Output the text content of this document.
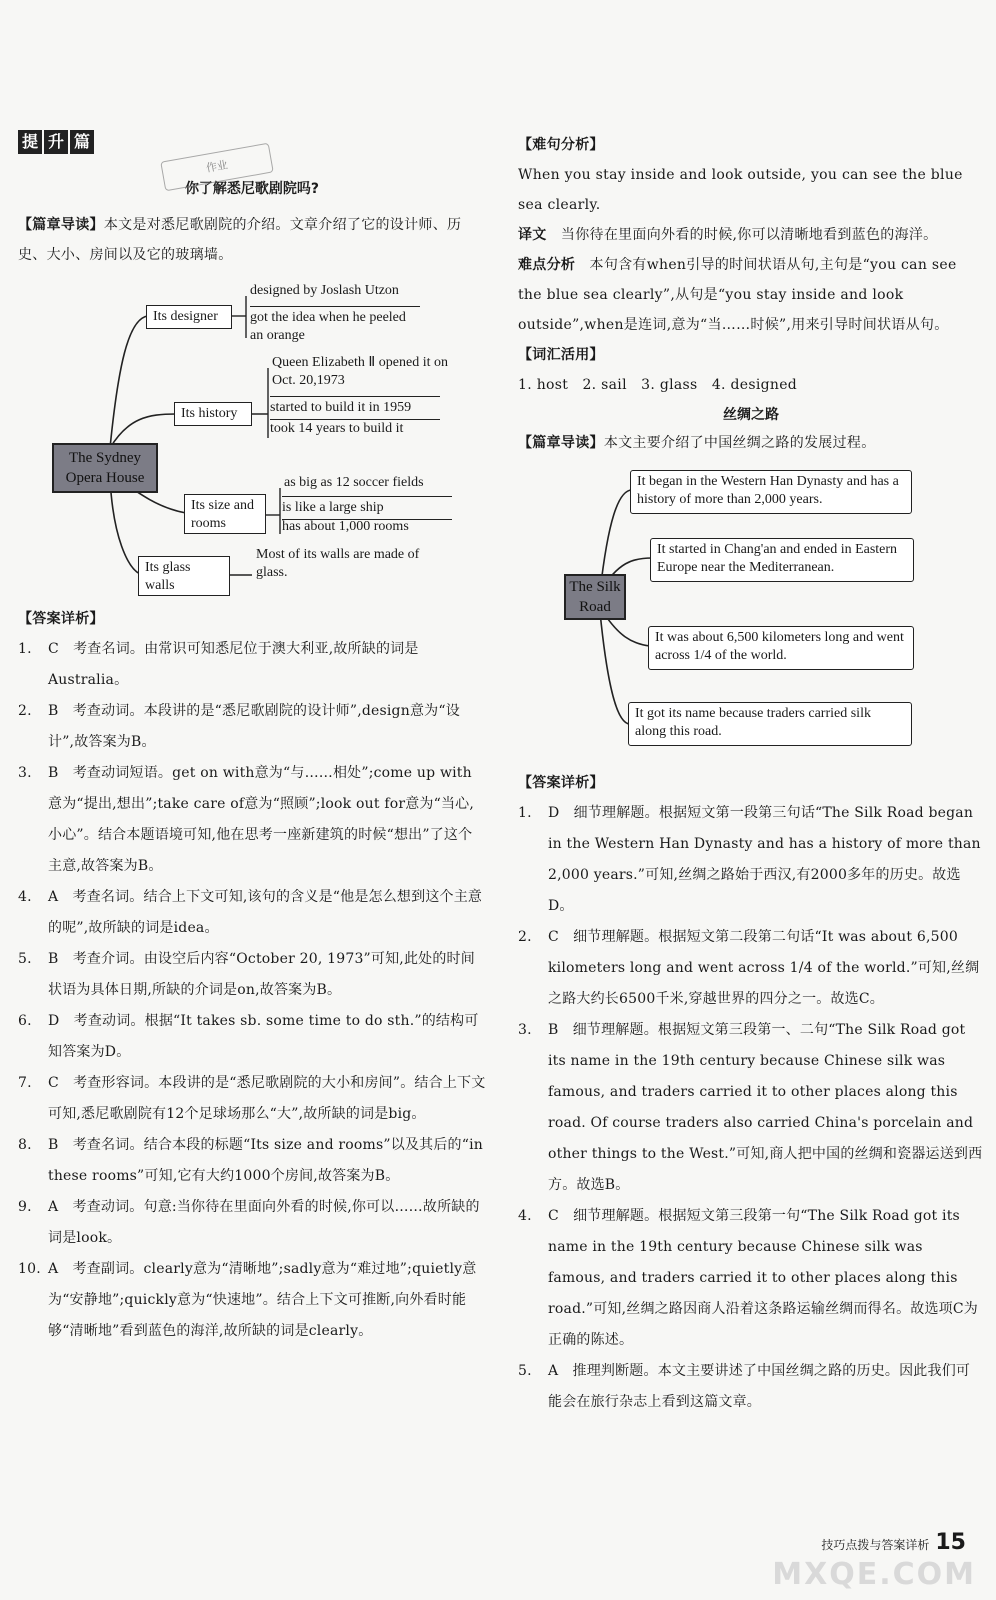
提 升 篇
你了解悉尼歌剧院吗?

【篇章导读】本文是对悉尼歌剧院的介绍。文章介绍了它的设计师、历史、大小、房间以及它的玻璃墙。

The Sydney Opera House
Its designer
designed by Joslash Utzon
got the idea when he peeled an orange
Its history
Queen Elizabeth Ⅱ opened it on Oct. 20,1973
started to build it in 1959
took 14 years to build it
Its size and rooms
as big as 12 soccer fields
is like a large ship
has about 1,000 rooms
Its glass walls
Most of its walls are made of glass.
【答案详析】
1. C　考查名词。由常识可知悉尼位于澳大利亚,故所缺的词是Australia。
2. B　考查动词。本段讲的是“悉尼歌剧院的设计师”,design意为“设计”,故答案为B。
3. B　考查动词短语。get on with意为“与……相处”;come up with意为“提出,想出”;take care of意为“照顾”;look out for意为“当心,小心”。结合本题语境可知,他在思考一座新建筑的时候“想出”了这个主意,故答案为B。
4. A　考查名词。结合上下文可知,该句的含义是“他是怎么想到这个主意的呢”,故所缺的词是idea。
5. B　考查介词。由设空后内容“October 20, 1973”可知,此处的时间状语为具体日期,所缺的介词是on,故答案为B。
6. D　考查动词。根据“It takes sb. some time to do sth.”的结构可知答案为D。
7. C　考查形容词。本段讲的是“悉尼歌剧院的大小和房间”。结合上下文可知,悉尼歌剧院有12个足球场那么“大”,故所缺的词是big。
8. B　考查名词。结合本段的标题“Its size and rooms”以及其后的“in these rooms”可知,它有大约1000个房间,故答案为B。
9. A　考查动词。句意:当你待在里面向外看的时候,你可以……故所缺的词是look。
10. A　考查副词。clearly意为“清晰地”;sadly意为“难过地”;quietly意为“安静地”;quickly意为“快速地”。结合上下文可推断,向外看时能够“清晰地”看到蓝色的海洋,故所缺的词是clearly。
作业
【难句分析】

When you stay inside and look outside, you can see the blue sea clearly.

译文　 当你待在里面向外看的时候,你可以清晰地看到蓝色的海洋。

难点分析　 本句含有when引导的时间状语从句,主句是“you can see the blue sea clearly”,从句是“you stay inside and look outside”,when是连词,意为“当……时候”,用来引导时间状语从句。

【词汇活用】

1. host　2. sail　3. glass　4. designed

丝绸之路

【篇章导读】本文主要介绍了中国丝绸之路的发展过程。

The Silk Road
It began in the Western Han Dynasty and has a history of more than 2,000 years.
It started in Chang'an and ended in Eastern Europe near the Mediterranean.
It was about 6,500 kilometers long and went across 1/4 of the world.
It got its name because traders carried silk along this road.
【答案详析】
1. D　细节理解题。根据短文第一段第三句话“The Silk Road began in the Western Han Dynasty and has a history of more than 2,000 years.”可知,丝绸之路始于西汉,有2000多年的历史。故选D。
2. C　细节理解题。根据短文第二段第二句话“It was about 6,500 kilometers long and went across 1/4 of the world.”可知,丝绸之路大约长6500千米,穿越世界的四分之一。故选C。
3. B　细节理解题。根据短文第三段第一、二句“The Silk Road got its name in the 19th century because Chinese silk was famous, and traders carried it to other places along this road. Of course traders also carried China's porcelain and other things to the West.”可知,商人把中国的丝绸和瓷器运送到西方。故选B。
4. C　细节理解题。根据短文第三段第一句“The Silk Road got its name in the 19th century because Chinese silk was famous, and traders carried it to other places along this road.”可知,丝绸之路因商人沿着这条路运输丝绸而得名。故选项C为正确的陈述。
5. A　推理判断题。本文主要讲述了中国丝绸之路的历史。因此我们可能会在旅行杂志上看到这篇文章。
技巧点拨与答案详析 15
MXQE.COM
